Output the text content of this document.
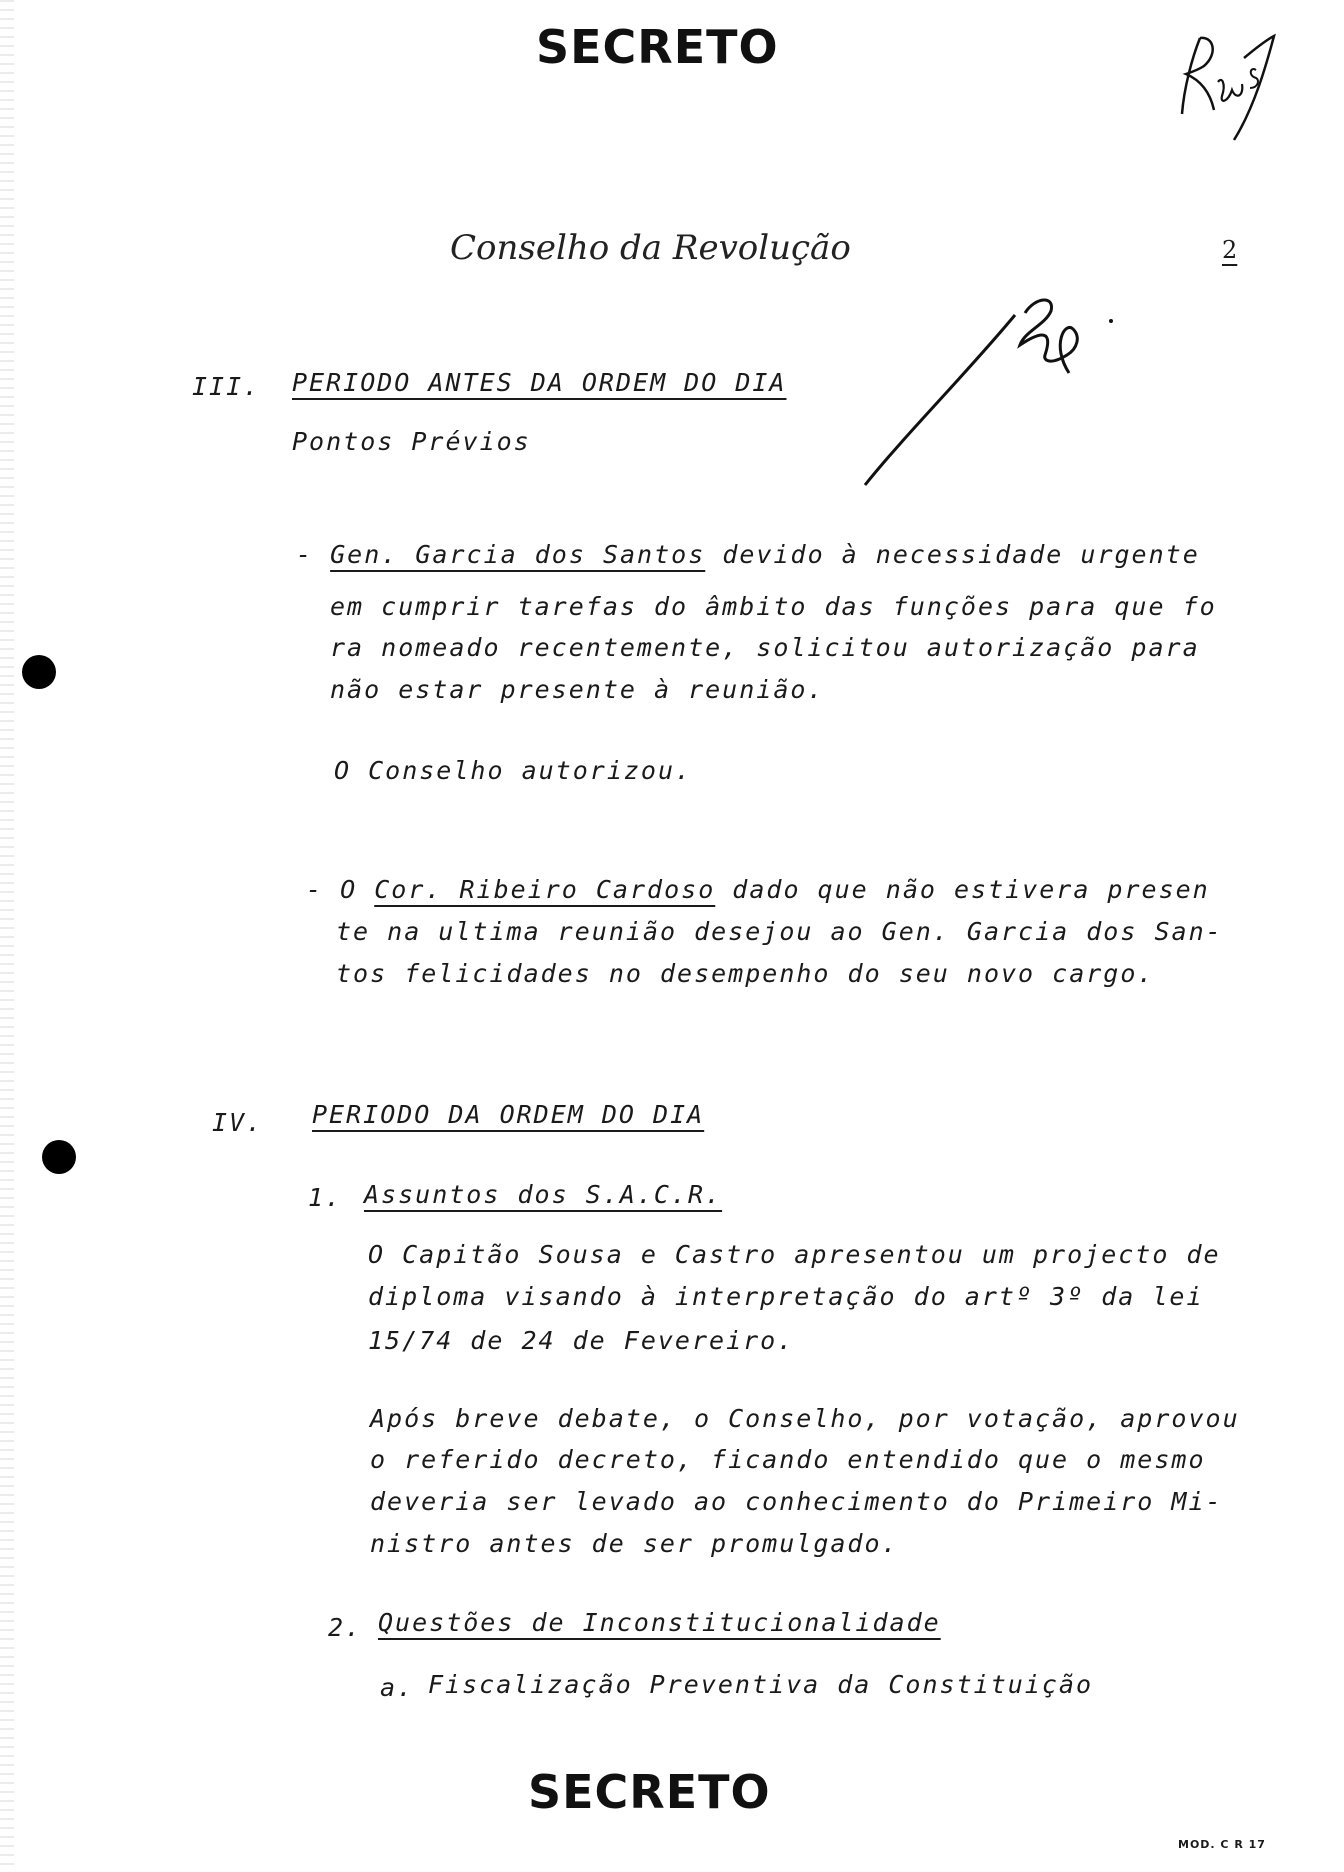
SECRETO
Conselho da Revolução	2
III. PERIODO ANTES DA ORDEM DO DIA
Pontos Prévios
- Gen. Garcia dos Santos devido à necessidade urgente
em cumprir tarefas do âmbito das funções para que fo
ra nomeado recentemente, solicitou autorização para
não estar presente à reunião.
O Conselho autorizou.
- O Cor. Ribeiro Cardoso dado que não estivera presen
te na ultima reunião desejou ao Gen. Garcia dos San-
tos felicidades no desempenho do seu novo cargo.
IV. PERIODO DA ORDEM DO DIA
1. Assuntos dos S.A.C.R.
O Capitão Sousa e Castro apresentou um projecto de
diploma visando à interpretação do artº 3º da lei
15/74 de 24 de Fevereiro.
Após breve debate, o Conselho, por votação, aprovou
o referido decreto, ficando entendido que o mesmo
deveria ser levado ao conhecimento do Primeiro Mi-
nistro antes de ser promulgado.
2. Questões de Inconstitucionalidade
a. Fiscalização Preventiva da Constituição
SECRETO
MOD. C R 17
